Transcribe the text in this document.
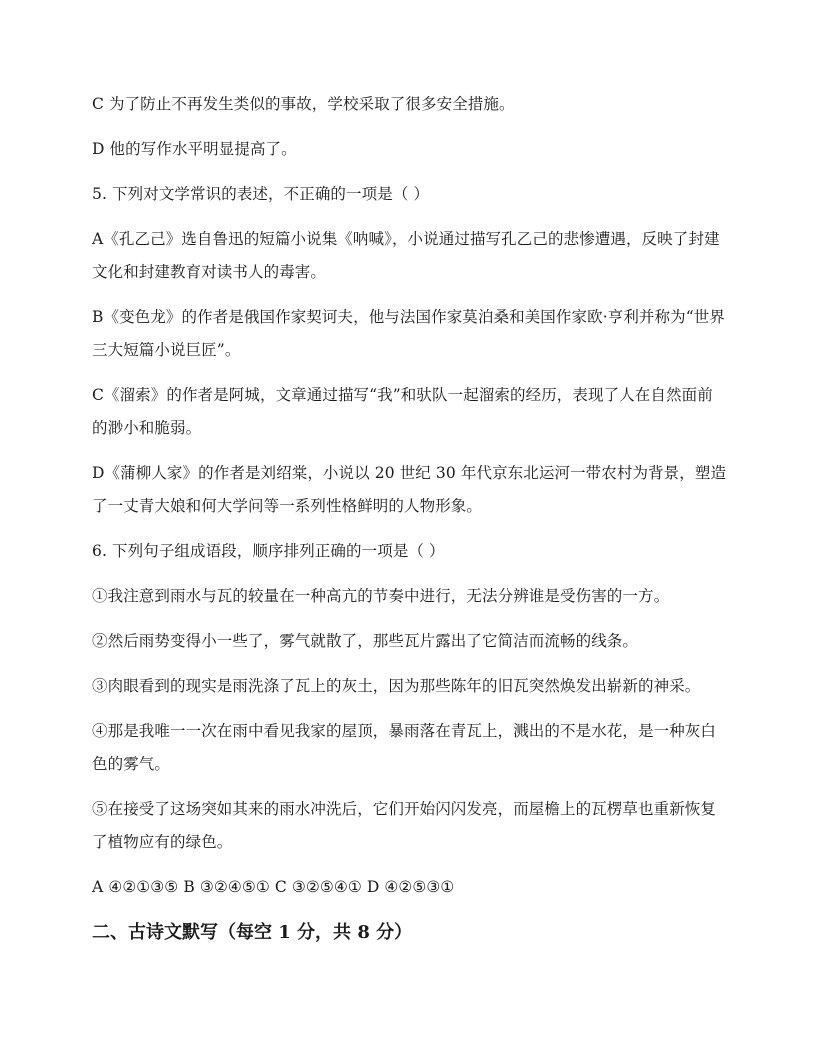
C 为了防止不再发生类似的事故，学校采取了很多安全措施。

D 他的写作水平明显提高了。

5. 下列对文学常识的表述，不正确的一项是（ ）

A《孔乙己》选自鲁迅的短篇小说集《呐喊》，小说通过描写孔乙己的悲惨遭遇，反映了封建文化和封建教育对读书人的毒害。

B《变色龙》的作者是俄国作家契诃夫，他与法国作家莫泊桑和美国作家欧·亨利并称为“世界三大短篇小说巨匠”。

C《溜索》的作者是阿城，文章通过描写“我”和驮队一起溜索的经历，表现了人在自然面前的渺小和脆弱。

D《蒲柳人家》的作者是刘绍棠，小说以 20 世纪 30 年代京东北运河一带农村为背景，塑造了一丈青大娘和何大学问等一系列性格鲜明的人物形象。

6. 下列句子组成语段，顺序排列正确的一项是（ ）

①我注意到雨水与瓦的较量在一种高亢的节奏中进行，无法分辨谁是受伤害的一方。

②然后雨势变得小一些了，雾气就散了，那些瓦片露出了它简洁而流畅的线条。

③肉眼看到的现实是雨洗涤了瓦上的灰土，因为那些陈年的旧瓦突然焕发出崭新的神采。

④那是我唯一一次在雨中看见我家的屋顶，暴雨落在青瓦上，溅出的不是水花，是一种灰白色的雾气。

⑤在接受了这场突如其来的雨水冲洗后，它们开始闪闪发亮，而屋檐上的瓦楞草也重新恢复了植物应有的绿色。

A ④②①③⑤ B ③②④⑤① C ③②⑤④① D ④②⑤③①

二、古诗文默写（每空 1 分，共 8 分）
